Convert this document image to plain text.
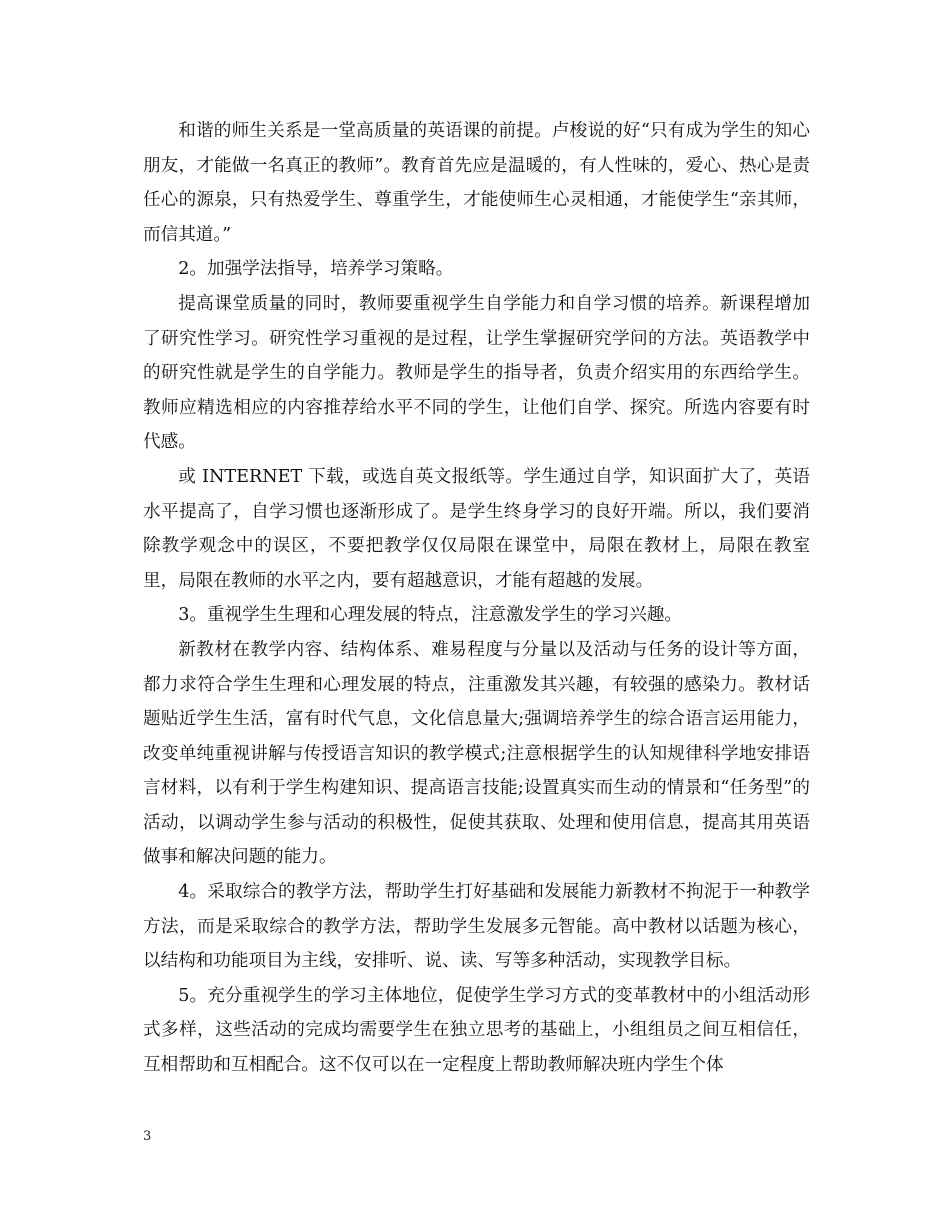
和谐的师生关系是一堂高质量的英语课的前提。卢梭说的好“只有成为学生的知心朋友，才能做一名真正的教师”。教育首先应是温暖的，有人性味的，爱心、热心是责任心的源泉，只有热爱学生、尊重学生，才能使师生心灵相通，才能使学生“亲其师，而信其道。”

2。加强学法指导，培养学习策略。

提高课堂质量的同时，教师要重视学生自学能力和自学习惯的培养。新课程增加了研究性学习。研究性学习重视的是过程，让学生掌握研究学问的方法。英语教学中的研究性就是学生的自学能力。教师是学生的指导者，负责介绍实用的东西给学生。教师应精选相应的内容推荐给水平不同的学生，让他们自学、探究。所选内容要有时代感。

或 INTERNET 下载，或选自英文报纸等。学生通过自学，知识面扩大了，英语水平提高了，自学习惯也逐渐形成了。是学生终身学习的良好开端。所以，我们要消除教学观念中的误区，不要把教学仅仅局限在课堂中，局限在教材上，局限在教室里，局限在教师的水平之内，要有超越意识，才能有超越的发展。

3。重视学生生理和心理发展的特点，注意激发学生的学习兴趣。

新教材在教学内容、结构体系、难易程度与分量以及活动与任务的设计等方面，都力求符合学生生理和心理发展的特点，注重激发其兴趣，有较强的感染力。教材话题贴近学生生活，富有时代气息，文化信息量大;强调培养学生的综合语言运用能力，改变单纯重视讲解与传授语言知识的教学模式;注意根据学生的认知规律科学地安排语言材料，以有利于学生构建知识、提高语言技能;设置真实而生动的情景和“任务型”的活动，以调动学生参与活动的积极性，促使其获取、处理和使用信息，提高其用英语做事和解决问题的能力。

4。采取综合的教学方法，帮助学生打好基础和发展能力新教材不拘泥于一种教学方法，而是采取综合的教学方法，帮助学生发展多元智能。高中教材以话题为核心，以结构和功能项目为主线，安排听、说、读、写等多种活动，实现教学目标。

5。充分重视学生的学习主体地位，促使学生学习方式的变革教材中的小组活动形式多样，这些活动的完成均需要学生在独立思考的基础上，小组组员之间互相信任，互相帮助和互相配合。这不仅可以在一定程度上帮助教师解决班内学生个体

3
